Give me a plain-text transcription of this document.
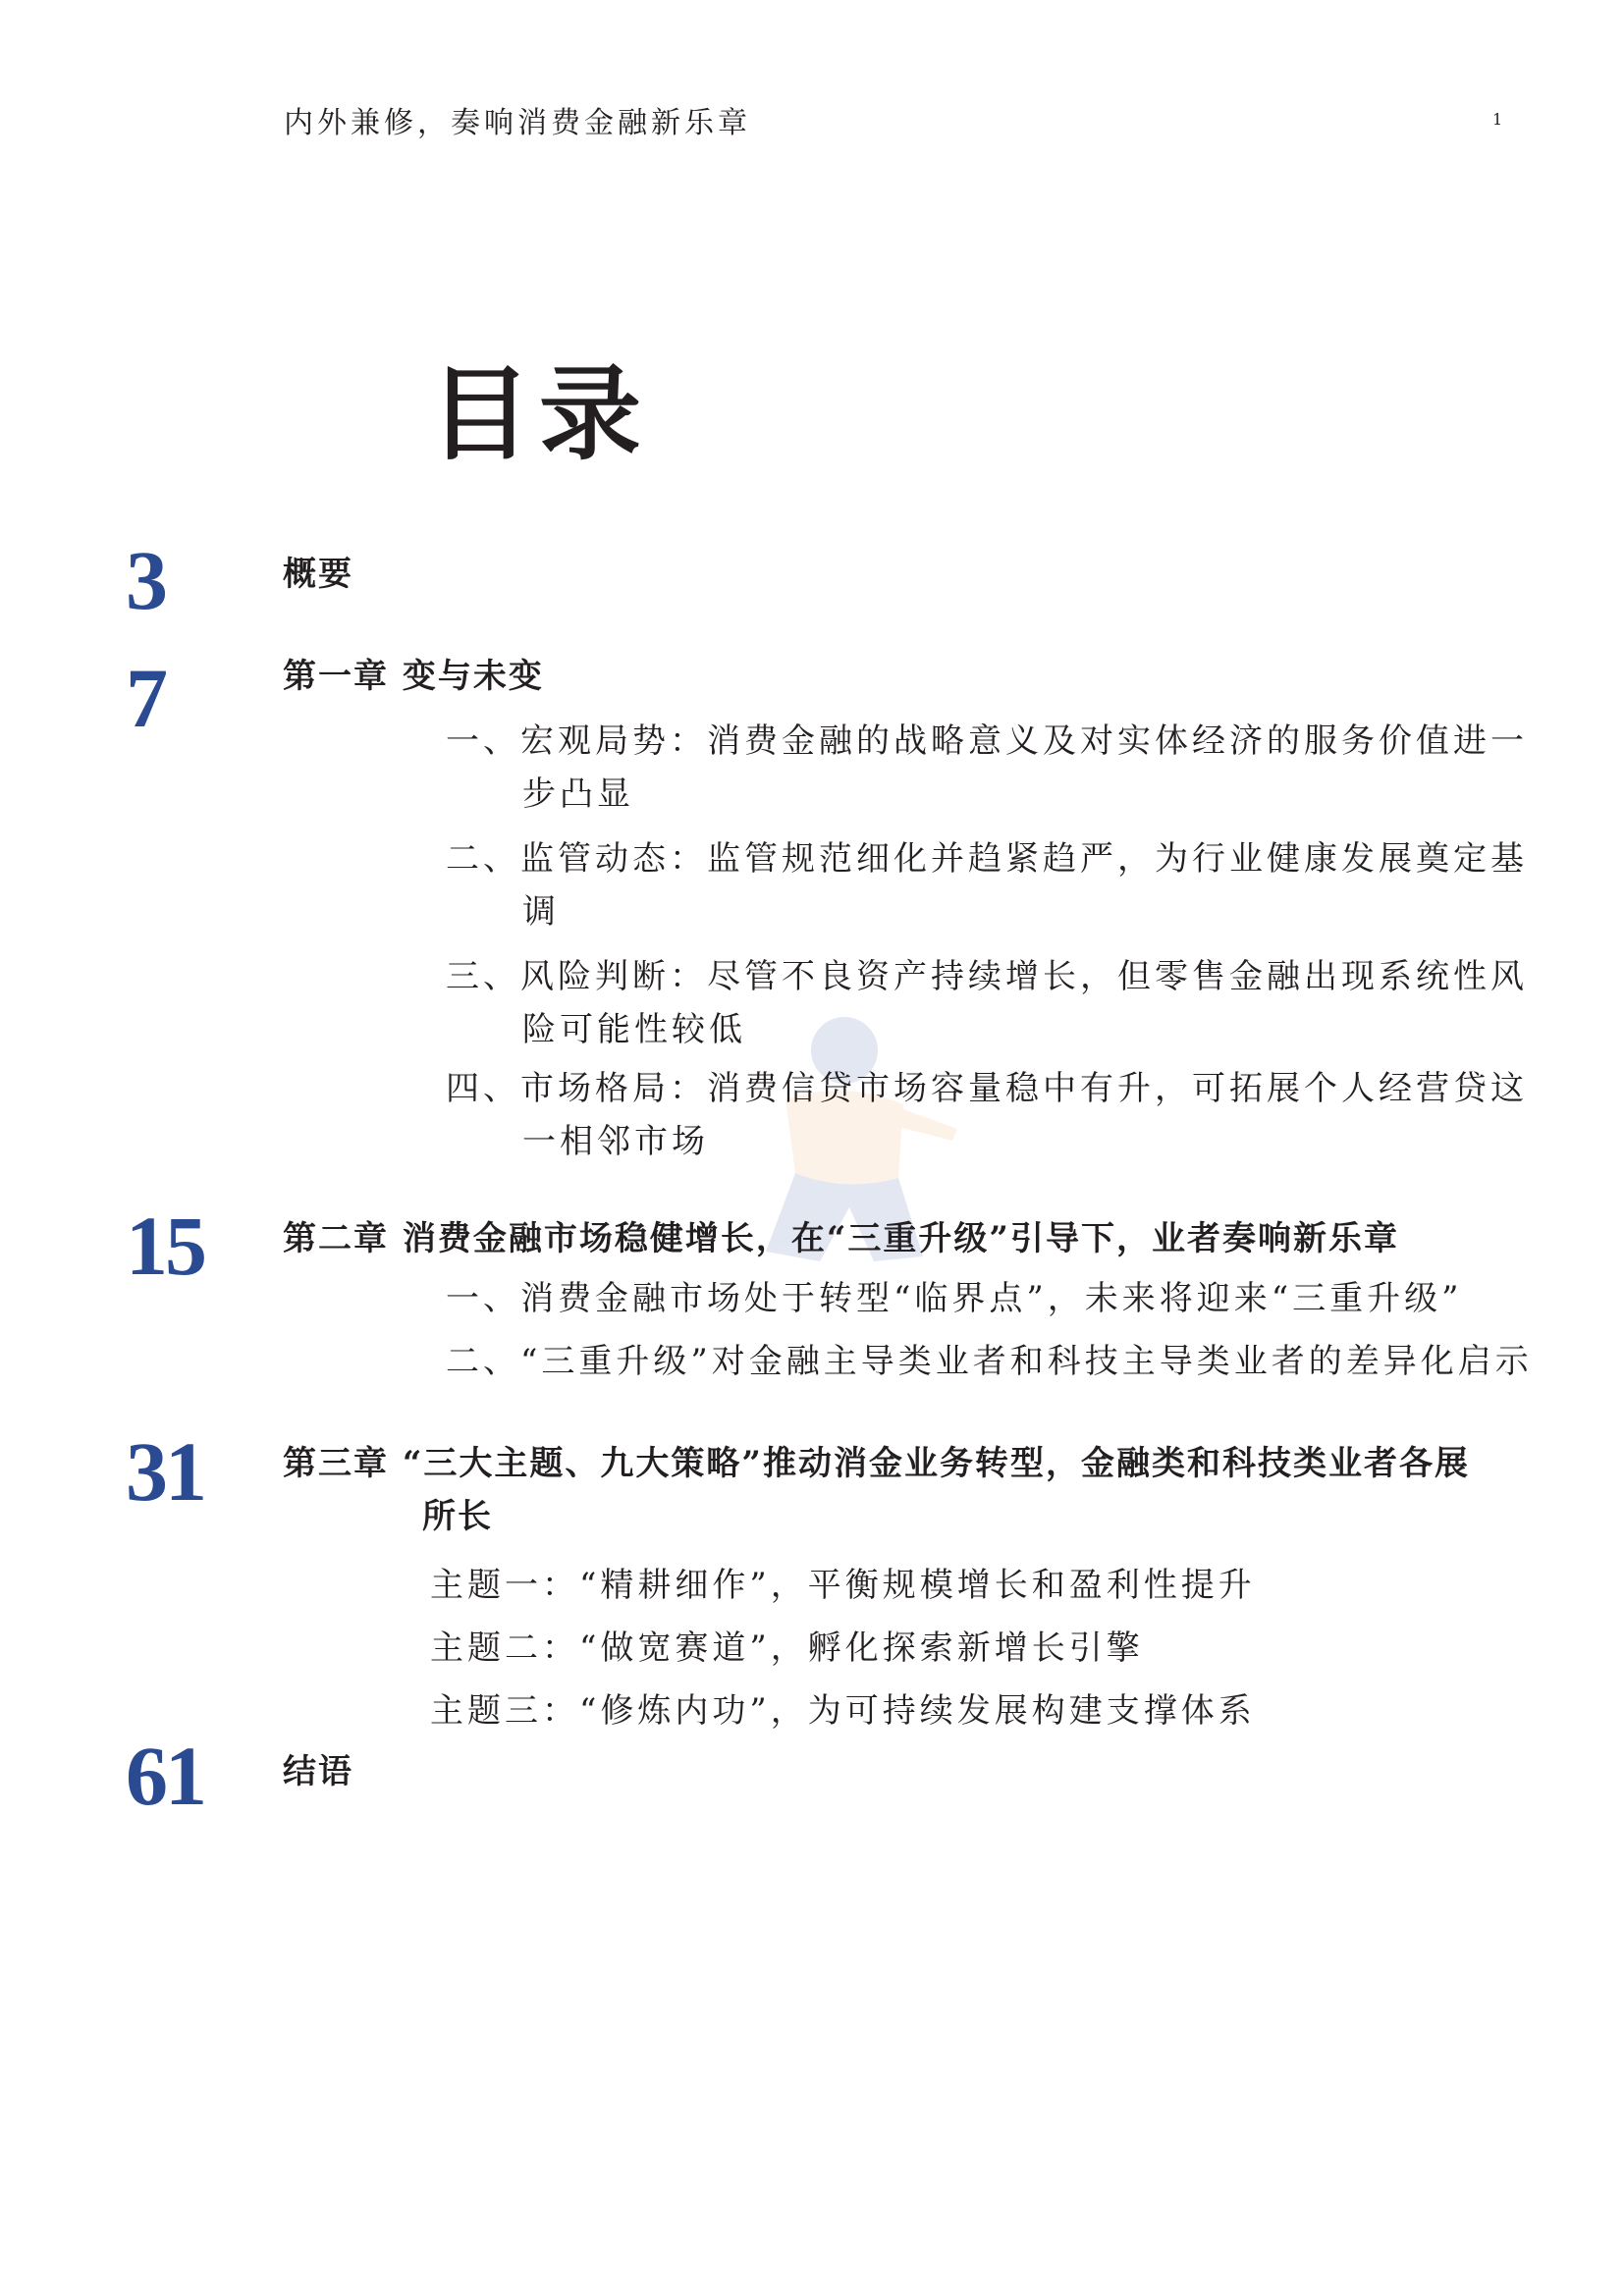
内外兼修，奏响消费金融新乐章	1
目录
3	概要
7	第一章 变与未变
一、宏观局势：消费金融的战略意义及对实体经济的服务价值进一
步凸显
二、监管动态：监管规范细化并趋紧趋严，为行业健康发展奠定基
调
三、风险判断：尽管不良资产持续增长，但零售金融出现系统性风
险可能性较低
四、市场格局：消费信贷市场容量稳中有升，可拓展个人经营贷这
一相邻市场
15 第二章 消费金融市场稳健增长，在“三重升级”引导下，业者奏响新乐章
一、消费金融市场处于转型“临界点”，未来将迎来“三重升级”
二、“三重升级”对金融主导类业者和科技主导类业者的差异化启示
31 第三章 “三大主题、九大策略”推动消金业务转型，金融类和科技类业者各展
所长
主题一：“精耕细作”，平衡规模增长和盈利性提升
主题二：“做宽赛道”，孵化探索新增长引擎
主题三：“修炼内功”，为可持续发展构建支撑体系
61 结语
